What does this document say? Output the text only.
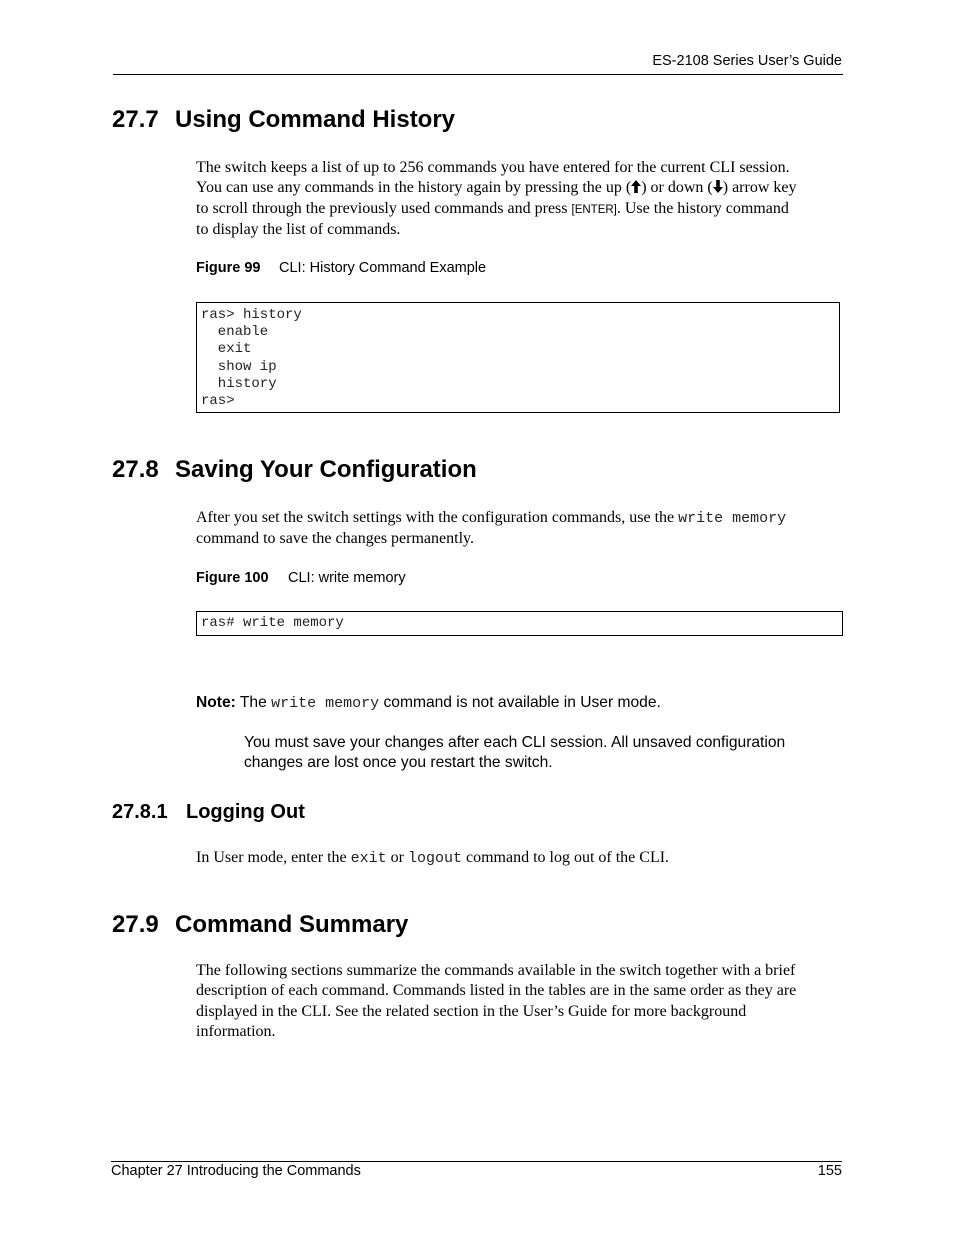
ES-2108 Series User’s Guide
27.7 Using Command History
The switch keeps a list of up to 256 commands you have entered for the current CLI session.
You can use any commands in the history again by pressing the up ( ) or down ( ) arrow key
to scroll through the previously used commands and press [ENTER]. Use the history command
to display the list of commands.
Figure 99 CLI: History Command Example
ras> history
enable
exit
show ip
history
ras>
27.8 Saving Your Configuration
After you set the switch settings with the configuration commands, use the write memory
command to save the changes permanently.
Figure 100 CLI: write memory
ras# write memory
Note: The write memory command is not available in User mode.
You must save your changes after each CLI session. All unsaved configuration
changes are lost once you restart the switch.
27.8.1 Logging Out
In User mode, enter the exit or logout command to log out of the CLI.
27.9 Command Summary
The following sections summarize the commands available in the switch together with a brief
description of each command. Commands listed in the tables are in the same order as they are
displayed in the CLI. See the related section in the User’s Guide for more background
information.
Chapter 27 Introducing the Commands	155
